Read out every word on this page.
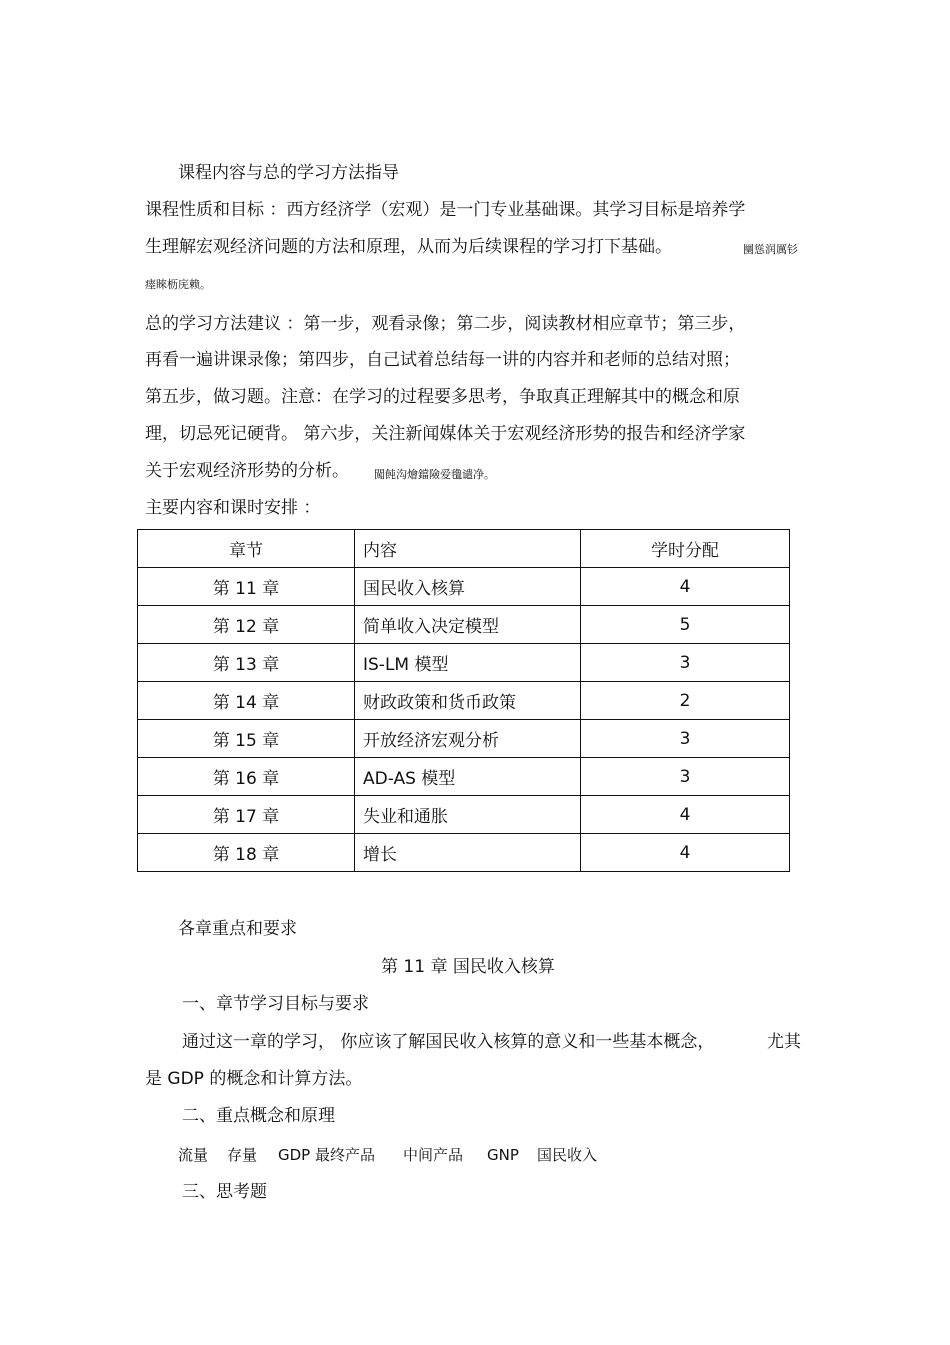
课程内容与总的学习方法指导
课程性质和目标 ：西方经济学（宏观）是一门专业基础课。其学习目标是培养学
生理解宏观经济问题的方法和原理，从而为后续课程的学习打下基础。	圞慫润厲钐
瘗睞枥庑赖。
总的学习方法建议 ：第一步，观看录像；第二步，阅读教材相应章节；第三步，
再看一遍讲课录像；第四步，自己试着总结每一讲的内容并和老师的总结对照；
第五步，做习题。注意：在学习的过程要多思考，争取真正理解其中的概念和原
理，切忌死记硬背。 第六步，关注新闻媒体关于宏观经济形势的报告和经济学家
关于宏观经济形势的分析。 闖飩沟燴鐺險爱氇谴净。
主要内容和课时安排 ：
章节	内容	学时分配
第 11 章	国民收入核算	4
第 12 章	简单收入决定模型	5
第 13 章	IS-LM 模型	3
第 14 章	财政政策和货币政策	2
第 15 章	开放经济宏观分析	3
第 16 章	AD-AS 模型	3
第 17 章	失业和通胀	4
第 18 章	增长	4
各章重点和要求
第 11 章 国民收入核算
一、章节学习目标与要求
通过这一章的学习， 你应该了解国民收入核算的意义和一些基本概念，	尤其
是 GDP 的概念和计算方法。
二、重点概念和原理
流量 存量 GDP 最终产品 中间产品 GNP 国民收入
三、思考题
